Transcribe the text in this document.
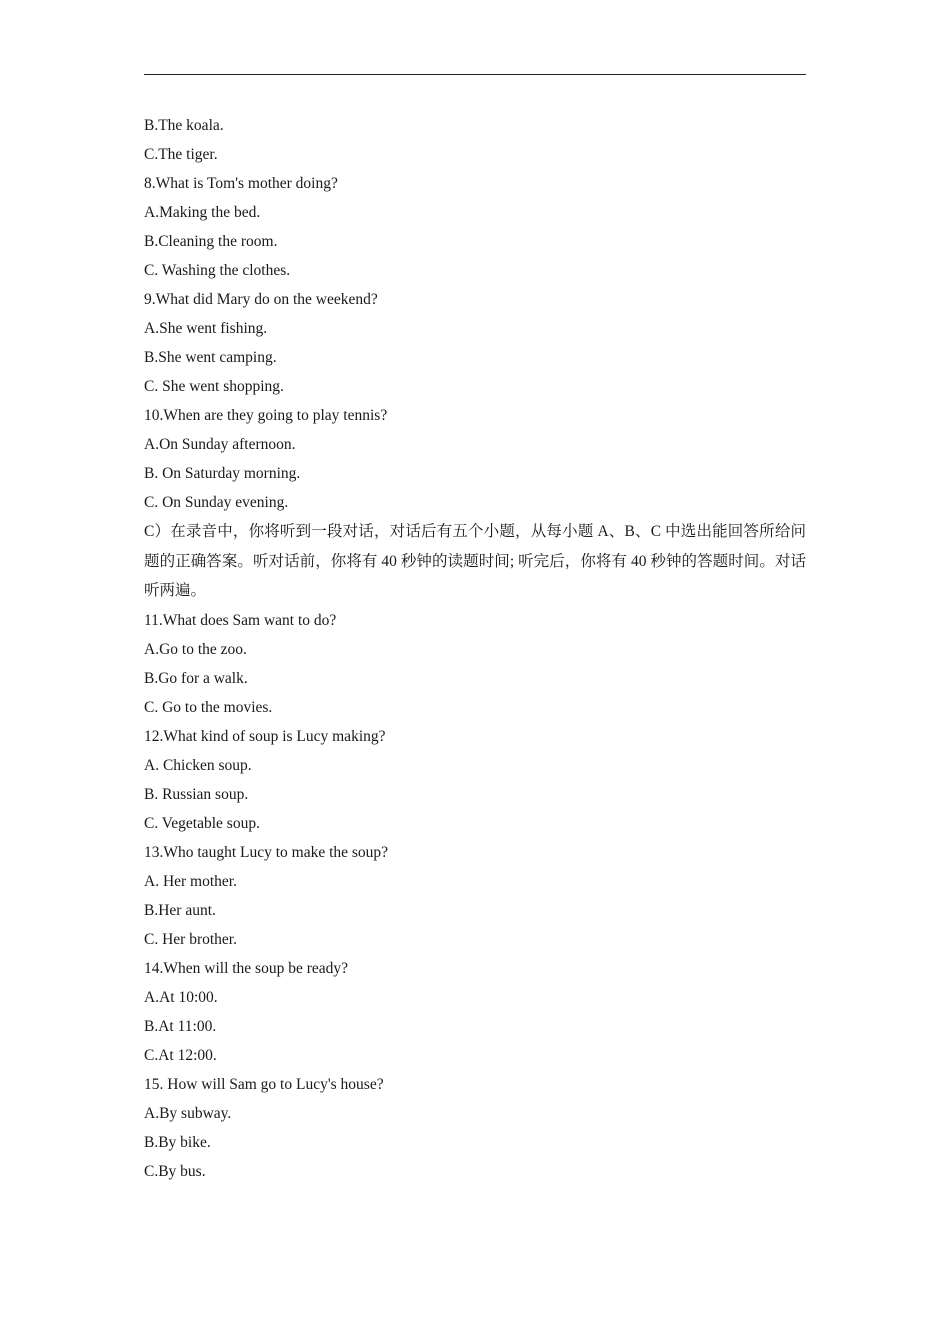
B.The koala.
C.The tiger.
8.What is Tom's mother doing?
A.Making the bed.
B.Cleaning the room.
C. Washing the clothes.
9.What did Mary do on the weekend?
A.She went fishing.
B.She went camping.
C. She went shopping.
10.When are they going to play tennis?
A.On Sunday afternoon.
B. On Saturday morning.
C. On Sunday evening.
C）在录音中，你将听到一段对话，对话后有五个小题，从每小题 A、B、C 中选出能回答所给问题的正确答案。听对话前，你将有 40 秒钟的读题时间; 听完后，你将有 40 秒钟的答题时间。对话听两遍。
11.What does Sam want to do?
A.Go to the zoo.
B.Go for a walk.
C. Go to the movies.
12.What kind of soup is Lucy making?
A. Chicken soup.
B. Russian soup.
C. Vegetable soup.
13.Who taught Lucy to make the soup?
A. Her mother.
B.Her aunt.
C. Her brother.
14.When will the soup be ready?
A.At 10:00.
B.At 11:00.
C.At 12:00.
15. How will Sam go to Lucy's house?
A.By subway.
B.By bike.
C.By bus.
